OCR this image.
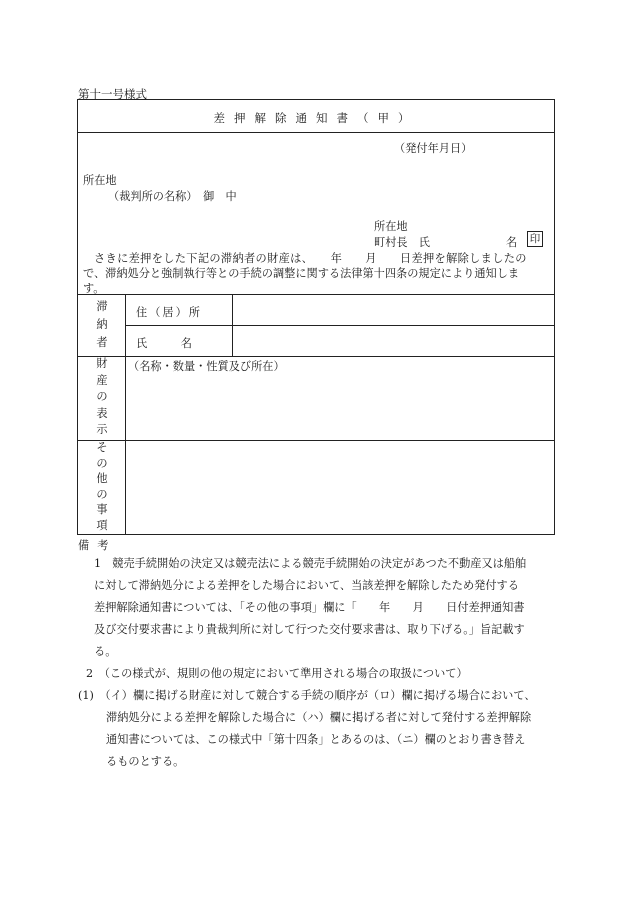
第十一号様式
差押解除通知書（甲）
（発付年月日）
所在地
（裁判所の名称）　御　中
所在地
町村長　氏	名 印
さきに差押をした下記の滞納者の財産は、　　年　　月　　日差押を解除しましたの
で、滞納処分と強制執行等との手続の調整に関する法律第十四条の規定により通知しま
す。
滞
納
者
住（居）所
氏　　　名
財
産
の
表
示
（名称・数量・性質及び所在）
そ
の
他
の
事
項
備考
1　競売手続開始の決定又は競売法による競売手続開始の決定があつた不動産又は船舶
に対して滞納処分による差押をした場合において、当該差押を解除したため発付する
差押解除通知書については、「その他の事項」欄に「　　年　　月　　日付差押通知書
及び交付要求書により貴裁判所に対して行つた交付要求書は、取り下げる。」旨記載す
る。
2　（この様式が、規則の他の規定において準用される場合の取扱について）
(1)　（イ）欄に掲げる財産に対して競合する手続の順序が（ロ）欄に掲げる場合において、
滞納処分による差押を解除した場合に（ハ）欄に掲げる者に対して発付する差押解除
通知書については、この様式中「第十四条」とあるのは、（ニ）欄のとおり書き替え
るものとする。
